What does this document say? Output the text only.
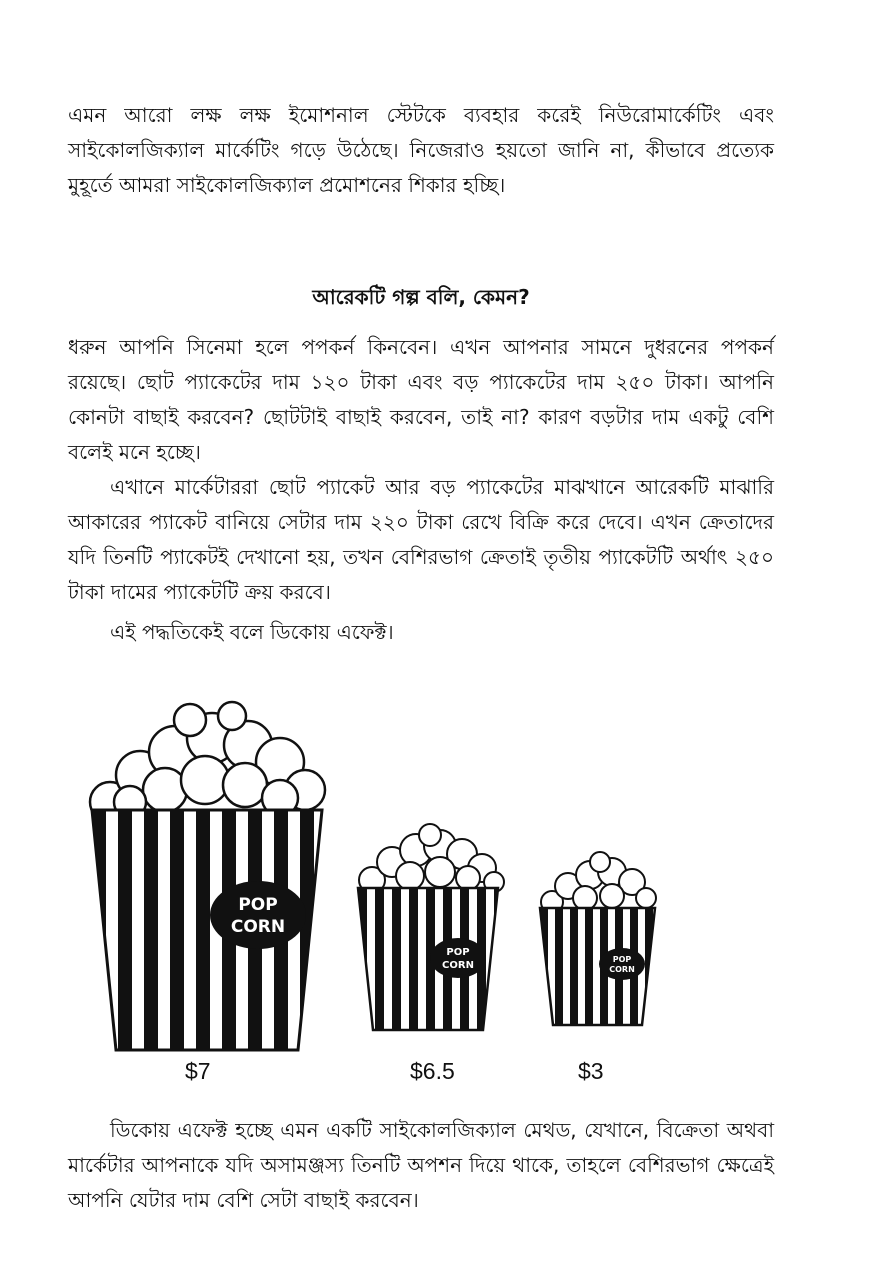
এমন আরো লক্ষ লক্ষ ইমোশনাল স্টেটকে ব্যবহার করেই নিউরোমার্কেটিং এবং সাইকোলজিক্যাল মার্কেটিং গড়ে উঠেছে। নিজেরাও হয়তো জানি না, কীভাবে প্রত্যেক মুহূর্তে আমরা সাইকোলজিক্যাল প্রমোশনের শিকার হচ্ছি।

আরেকটি গল্প বলি, কেমন?

ধরুন আপনি সিনেমা হলে পপকর্ন কিনবেন। এখন আপনার সামনে দুধরনের পপকর্ন রয়েছে। ছোট প্যাকেটের দাম ১২০ টাকা এবং বড় প্যাকেটের দাম ২৫০ টাকা। আপনি কোনটা বাছাই করবেন? ছোটটাই বাছাই করবেন, তাই না? কারণ বড়টার দাম একটু বেশি বলেই মনে হচ্ছে।

এখানে মার্কেটাররা ছোট প্যাকেট আর বড় প্যাকেটের মাঝখানে আরেকটি মাঝারি আকারের প্যাকেট বানিয়ে সেটার দাম ২২০ টাকা রেখে বিক্রি করে দেবে। এখন ক্রেতাদের যদি তিনটি প্যাকেটই দেখানো হয়, তখন বেশিরভাগ ক্রেতাই তৃতীয় প্যাকেটটি অর্থাৎ ২৫০ টাকা দামের প্যাকেটটি ক্রয় করবে।

এই পদ্ধতিকেই বলে ডিকোয় এফেক্ট।

POP
CORN
POP
CORN
POP
CORN
$7	$6.5	$3

ডিকোয় এফেক্ট হচ্ছে এমন একটি সাইকোলজিক্যাল মেথড, যেখানে, বিক্রেতা অথবা মার্কেটার আপনাকে যদি অসামঞ্জস্য তিনটি অপশন দিয়ে থাকে, তাহলে বেশিরভাগ ক্ষেত্রেই আপনি যেটার দাম বেশি সেটা বাছাই করবেন।
